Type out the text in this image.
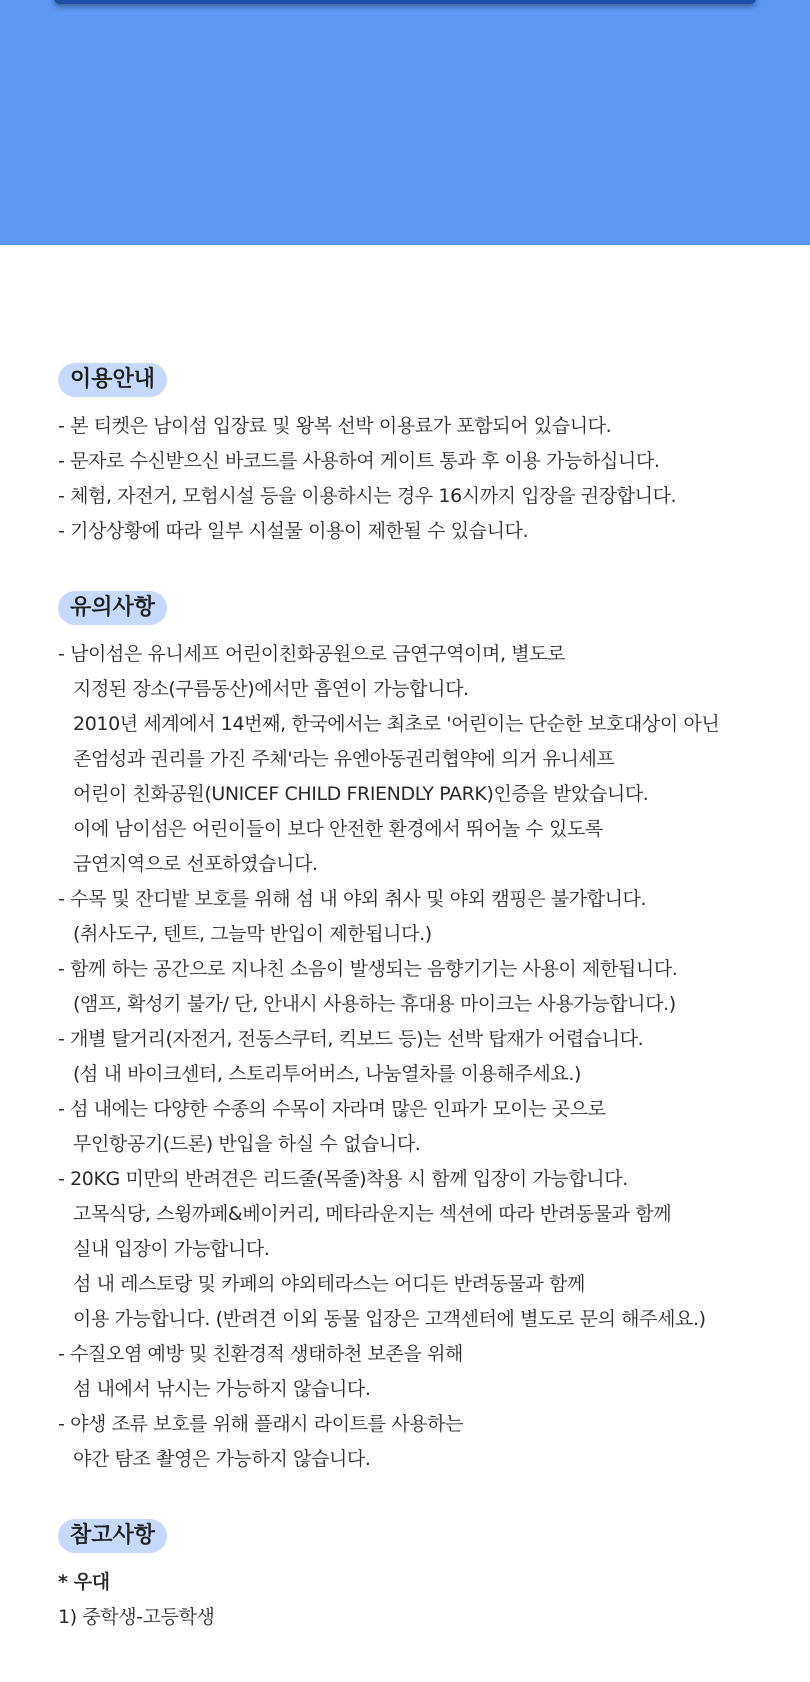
이용안내
- 본 티켓은 남이섬 입장료 및 왕복 선박 이용료가 포함되어 있습니다.
- 문자로 수신받으신 바코드를 사용하여 게이트 통과 후 이용 가능하십니다.
- 체험, 자전거, 모험시설 등을 이용하시는 경우 16시까지 입장을 권장합니다.
- 기상상황에 따라 일부 시설물 이용이 제한될 수 있습니다.
유의사항
- 남이섬은 유니세프 어린이친화공원으로 금연구역이며, 별도로
지정된 장소(구름동산)에서만 흡연이 가능합니다.
2010년 세계에서 14번째, 한국에서는 최초로 '어린이는 단순한 보호대상이 아닌
존엄성과 권리를 가진 주체'라는 유엔아동권리협약에 의거 유니세프
어린이 친화공원(UNICEF CHILD FRIENDLY PARK)인증을 받았습니다.
이에 남이섬은 어린이들이 보다 안전한 환경에서 뛰어놀 수 있도록
금연지역으로 선포하였습니다.
- 수목 및 잔디밭 보호를 위해 섬 내 야외 취사 및 야외 캠핑은 불가합니다.
(취사도구, 텐트, 그늘막 반입이 제한됩니다.)
- 함께 하는 공간으로 지나친 소음이 발생되는 음향기기는 사용이 제한됩니다.
(앰프, 확성기 불가/ 단, 안내시 사용하는 휴대용 마이크는 사용가능합니다.)
- 개별 탈거리(자전거, 전동스쿠터, 킥보드 등)는 선박 탑재가 어렵습니다.
(섬 내 바이크센터, 스토리투어버스, 나눔열차를 이용해주세요.)
- 섬 내에는 다양한 수종의 수목이 자라며 많은 인파가 모이는 곳으로
무인항공기(드론) 반입을 하실 수 없습니다.
- 20KG 미만의 반려견은 리드줄(목줄)착용 시 함께 입장이 가능합니다.
고목식당, 스윙까페&베이커리, 메타라운지는 섹션에 따라 반려동물과 함께
실내 입장이 가능합니다.
섬 내 레스토랑 및 카페의 야외테라스는 어디든 반려동물과 함께
이용 가능합니다. (반려견 이외 동물 입장은 고객센터에 별도로 문의 해주세요.)
- 수질오염 예방 및 친환경적 생태하천 보존을 위해
섬 내에서 낚시는 가능하지 않습니다.
- 야생 조류 보호를 위해 플래시 라이트를 사용하는
야간 탐조 촬영은 가능하지 않습니다.
참고사항
* 우대
1) 중학생-고등학생
